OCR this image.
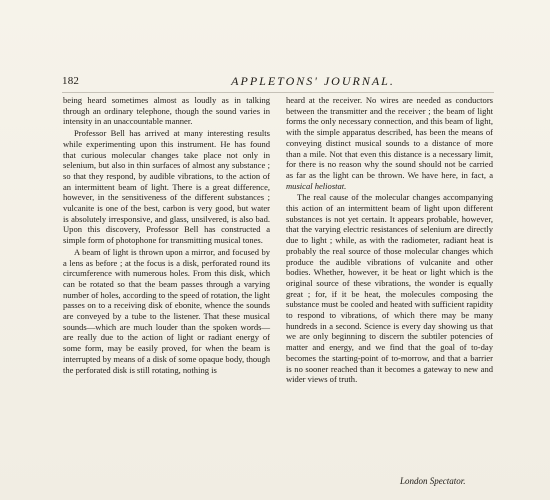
182	APPLETONS' JOURNAL.

being heard sometimes almost as loudly as in talking through an ordinary telephone, though the sound varies in intensity in an unaccountable manner.

Professor Bell has arrived at many interesting results while experimenting upon this instrument. He has found that curious molecular changes take place not only in selenium, but also in thin surfaces of almost any substance ; so that they respond, by audible vibrations, to the action of an intermittent beam of light. There is a great difference, however, in the sensitiveness of the different substances ; vulcanite is one of the best, carbon is very good, but water is absolutely irresponsive, and glass, unsilvered, is also bad. Upon this discovery, Professor Bell has constructed a simple form of photophone for transmitting musical tones.

A beam of light is thrown upon a mirror, and focused by a lens as before ; at the focus is a disk, perforated round its circumference with numerous holes. From this disk, which can be rotated so that the beam passes through a varying number of holes, according to the speed of rotation, the light passes on to a receiving disk of ebonite, whence the sounds are conveyed by a tube to the listener. That these musical sounds—which are much louder than the spoken words—are really due to the action of light or radiant energy of some form, may be easily proved, for when the beam is interrupted by means of a disk of some opaque body, though the perforated disk is still rotating, nothing is

heard at the receiver. No wires are needed as conductors between the transmitter and the receiver ; the beam of light forms the only necessary connection, and this beam of light, with the simple apparatus described, has been the means of conveying distinct musical sounds to a distance of more than a mile. Not that even this distance is a necessary limit, for there is no reason why the sound should not be carried as far as the light can be thrown. We have here, in fact, a musical heliostat.

The real cause of the molecular changes accompanying this action of an intermittent beam of light upon different substances is not yet certain. It appears probable, however, that the varying electric resistances of selenium are directly due to light ; while, as with the radiometer, radiant heat is probably the real source of those molecular changes which produce the audible vibrations of vulcanite and other bodies. Whether, however, it be heat or light which is the original source of these vibrations, the wonder is equally great ; for, if it be heat, the molecules composing the substance must be cooled and heated with sufficient rapidity to respond to vibrations, of which there may be many hundreds in a second. Science is every day showing us that we are only beginning to discern the subtiler potencies of matter and energy, and we find that the goal of to-day becomes the starting-point of to-morrow, and that a barrier is no sooner reached than it becomes a gateway to new and wider views of truth.

London Spectator.
